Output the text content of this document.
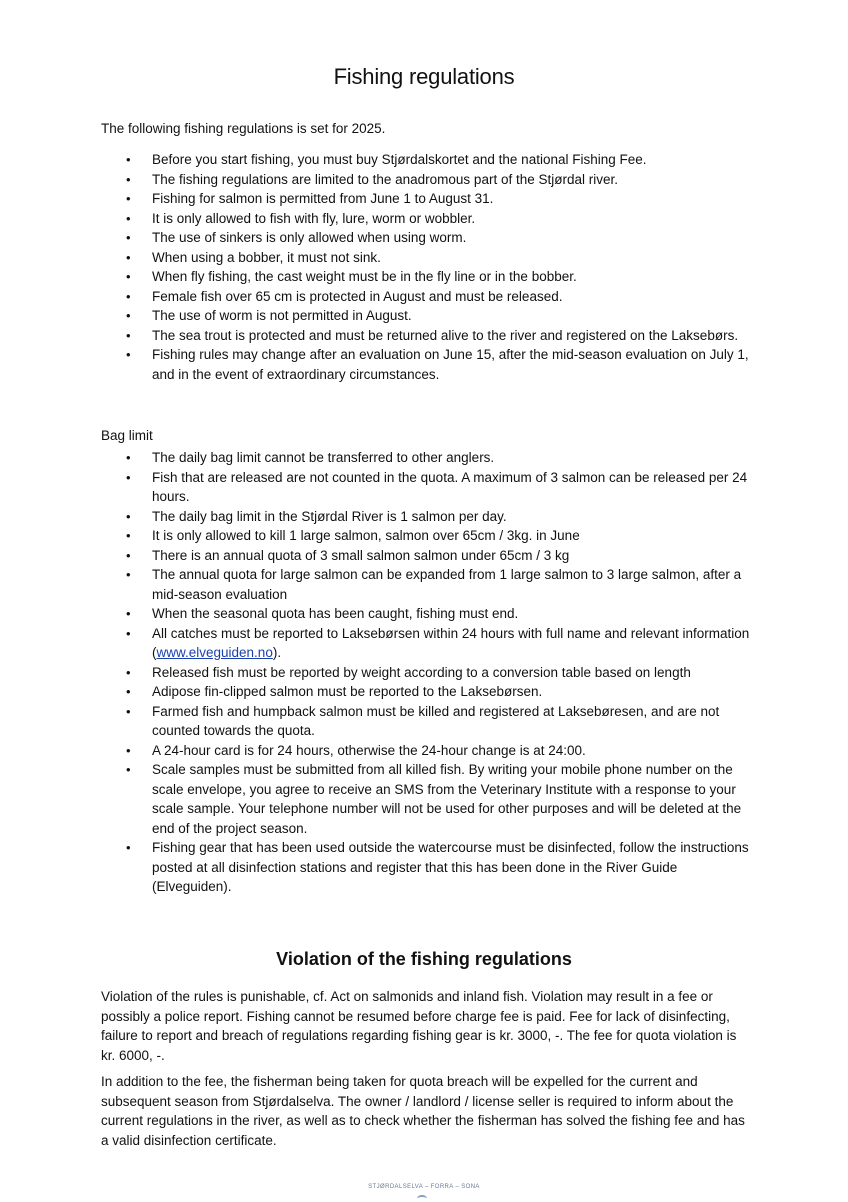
Fishing regulations

The following fishing regulations is set for 2025.

• Before you start fishing, you must buy Stjørdalskortet and the national Fishing Fee.
• The fishing regulations are limited to the anadromous part of the Stjørdal river.
• Fishing for salmon is permitted from June 1 to August 31.
• It is only allowed to fish with fly, lure, worm or wobbler.
• The use of sinkers is only allowed when using worm.
• When using a bobber, it must not sink.
• When fly fishing, the cast weight must be in the fly line or in the bobber.
• Female fish over 65 cm is protected in August and must be released.
• The use of worm is not permitted in August.
• The sea trout is protected and must be returned alive to the river and registered on the Laksebørs.
• Fishing rules may change after an evaluation on June 15, after the mid-season evaluation on July 1, and in the event of extraordinary circumstances.

Bag limit

• The daily bag limit cannot be transferred to other anglers.
• Fish that are released are not counted in the quota. A maximum of 3 salmon can be released per 24 hours.
• The daily bag limit in the Stjørdal River is 1 salmon per day.
• It is only allowed to kill 1 large salmon, salmon over 65cm / 3kg. in June
• There is an annual quota of 3 small salmon salmon under 65cm / 3 kg
• The annual quota for large salmon can be expanded from 1 large salmon to 3 large salmon, after a mid-season evaluation
• When the seasonal quota has been caught, fishing must end.
• All catches must be reported to Laksebørsen within 24 hours with full name and relevant information (www.elveguiden.no).
• Released fish must be reported by weight according to a conversion table based on length
• Adipose fin-clipped salmon must be reported to the Laksebørsen.
• Farmed fish and humpback salmon must be killed and registered at Laksebøresen, and are not counted towards the quota.
• A 24-hour card is for 24 hours, otherwise the 24-hour change is at 24:00.
• Scale samples must be submitted from all killed fish. By writing your mobile phone number on the scale envelope, you agree to receive an SMS from the Veterinary Institute with a response to your scale sample. Your telephone number will not be used for other purposes and will be deleted at the end of the project season.
• Fishing gear that has been used outside the watercourse must be disinfected, follow the instructions posted at all disinfection stations and register that this has been done in the River Guide (Elveguiden).
Violation of the fishing regulations

Violation of the rules is punishable, cf. Act on salmonids and inland fish. Violation may result in a fee or possibly a police report. Fishing cannot be resumed before charge fee is paid. Fee for lack of disinfecting, failure to report and breach of regulations regarding fishing gear is kr. 3000, -. The fee for quota violation is kr. 6000, -.

In addition to the fee, the fisherman being taken for quota breach will be expelled for the current and subsequent season from Stjørdalselva. The owner / landlord / license seller is required to inform about the current regulations in the river, as well as to check whether the fisherman has solved the fishing fee and has a valid disinfection certificate.

STJØRDALSELVA – FORRA – SONA
